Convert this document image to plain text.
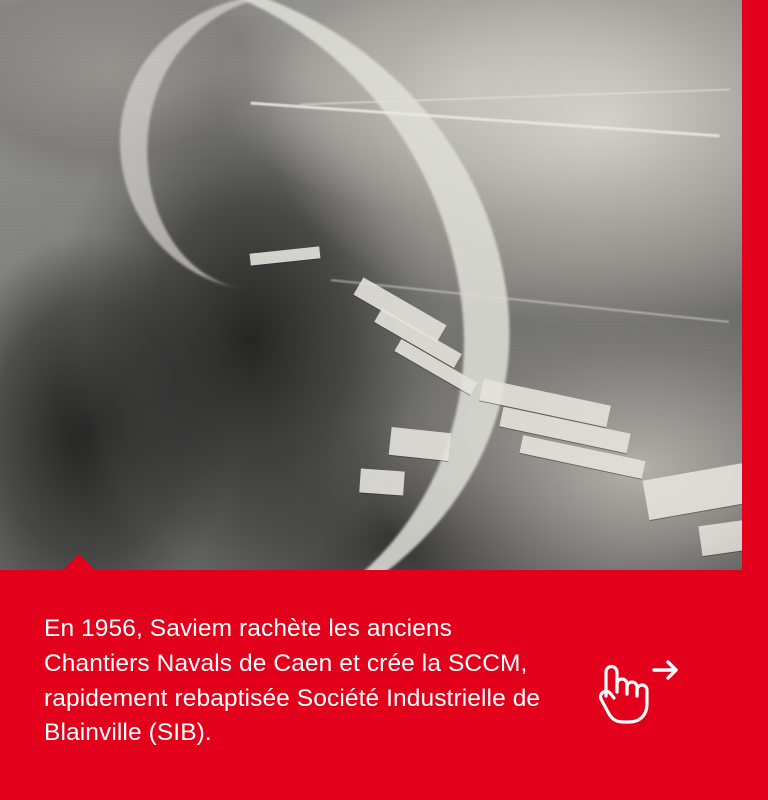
En 1956, Saviem rachète les anciens Chantiers Navals de Caen et crée la SCCM, rapidement rebaptisée Société Industrielle de Blainville (SIB).
